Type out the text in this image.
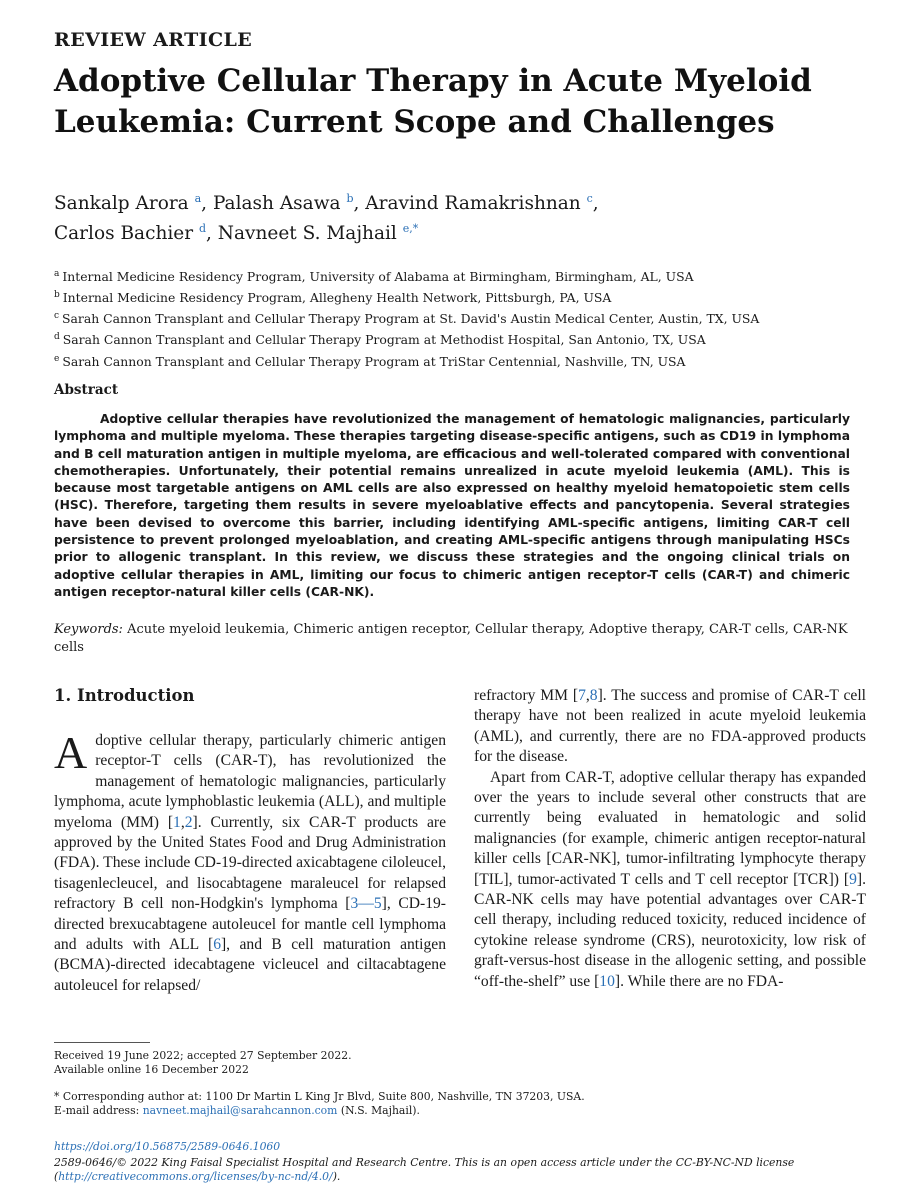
REVIEW ARTICLE
Adoptive Cellular Therapy in Acute Myeloid Leukemia: Current Scope and Challenges
Sankalp Arora $^a$, Palash Asawa $^b$, Aravind Ramakrishnan $^c$,
Carlos Bachier $^d$, Navneet S. Majhail $^{e,*}$
$^a$ Internal Medicine Residency Program, University of Alabama at Birmingham, Birmingham, AL, USA
$^b$ Internal Medicine Residency Program, Allegheny Health Network, Pittsburgh, PA, USA
$^c$ Sarah Cannon Transplant and Cellular Therapy Program at St. David's Austin Medical Center, Austin, TX, USA
$^d$ Sarah Cannon Transplant and Cellular Therapy Program at Methodist Hospital, San Antonio, TX, USA
$^e$ Sarah Cannon Transplant and Cellular Therapy Program at TriStar Centennial, Nashville, TN, USA
Abstract
Adoptive cellular therapies have revolutionized the management of hematologic malignancies, particularly lymphoma and multiple myeloma. These therapies targeting disease-specific antigens, such as CD19 in lymphoma and B cell maturation antigen in multiple myeloma, are efficacious and well-tolerated compared with conventional chemotherapies. Unfortunately, their potential remains unrealized in acute myeloid leukemia (AML). This is because most targetable antigens on AML cells are also expressed on healthy myeloid hematopoietic stem cells (HSC). Therefore, targeting them results in severe myeloablative effects and pancytopenia. Several strategies have been devised to overcome this barrier, including identifying AML-specific antigens, limiting CAR-T cell persistence to prevent prolonged myeloablation, and creating AML-specific antigens through manipulating HSCs prior to allogenic transplant. In this review, we discuss these strategies and the ongoing clinical trials on adoptive cellular therapies in AML, limiting our focus to chimeric antigen receptor-T cells (CAR-T) and chimeric antigen receptor-natural killer cells (CAR-NK).
Keywords: Acute myeloid leukemia, Chimeric antigen receptor, Cellular therapy, Adoptive therapy, CAR-T cells, CAR-NK cells
1. Introduction
Adoptive cellular therapy, particularly chimeric antigen receptor-T cells (CAR-T), has revolutionized the management of hematologic malignancies, particularly lymphoma, acute lymphoblastic leukemia (ALL), and multiple myeloma (MM) [1,2]. Currently, six CAR-T products are approved by the United States Food and Drug Administration (FDA). These include CD-19-directed axicabtagene ciloleucel, tisagenlecleucel, and lisocabtagene maraleucel for relapsed refractory B cell non-Hodgkin's lymphoma [3—5], CD-19-directed brexucabtagene autoleucel for mantle cell lymphoma and adults with ALL [6], and B cell maturation antigen (BCMA)-directed idecabtagene vicleucel and ciltacabtagene autoleucel for relapsed/
refractory MM [7,8]. The success and promise of CAR-T cell therapy have not been realized in acute myeloid leukemia (AML), and currently, there are no FDA-approved products for the disease.
Apart from CAR-T, adoptive cellular therapy has expanded over the years to include several other constructs that are currently being evaluated in hematologic and solid malignancies (for example, chimeric antigen receptor-natural killer cells [CAR-NK], tumor-infiltrating lymphocyte therapy [TIL], tumor-activated T cells and T cell receptor [TCR]) [9]. CAR-NK cells may have potential advantages over CAR-T cell therapy, including reduced toxicity, reduced incidence of cytokine release syndrome (CRS), neurotoxicity, low risk of graft-versus-host disease in the allogenic setting, and possible “off-the-shelf” use [10]. While there are no FDA-
Received 19 June 2022; accepted 27 September 2022.
Available online 16 December 2022
* Corresponding author at: 1100 Dr Martin L King Jr Blvd, Suite 800, Nashville, TN 37203, USA.
E-mail address: navneet.majhail@sarahcannon.com (N.S. Majhail).
https://doi.org/10.56875/2589-0646.1060
2589-0646/© 2022 King Faisal Specialist Hospital and Research Centre. This is an open access article under the CC-BY-NC-ND license
(http://creativecommons.org/licenses/by-nc-nd/4.0/).
